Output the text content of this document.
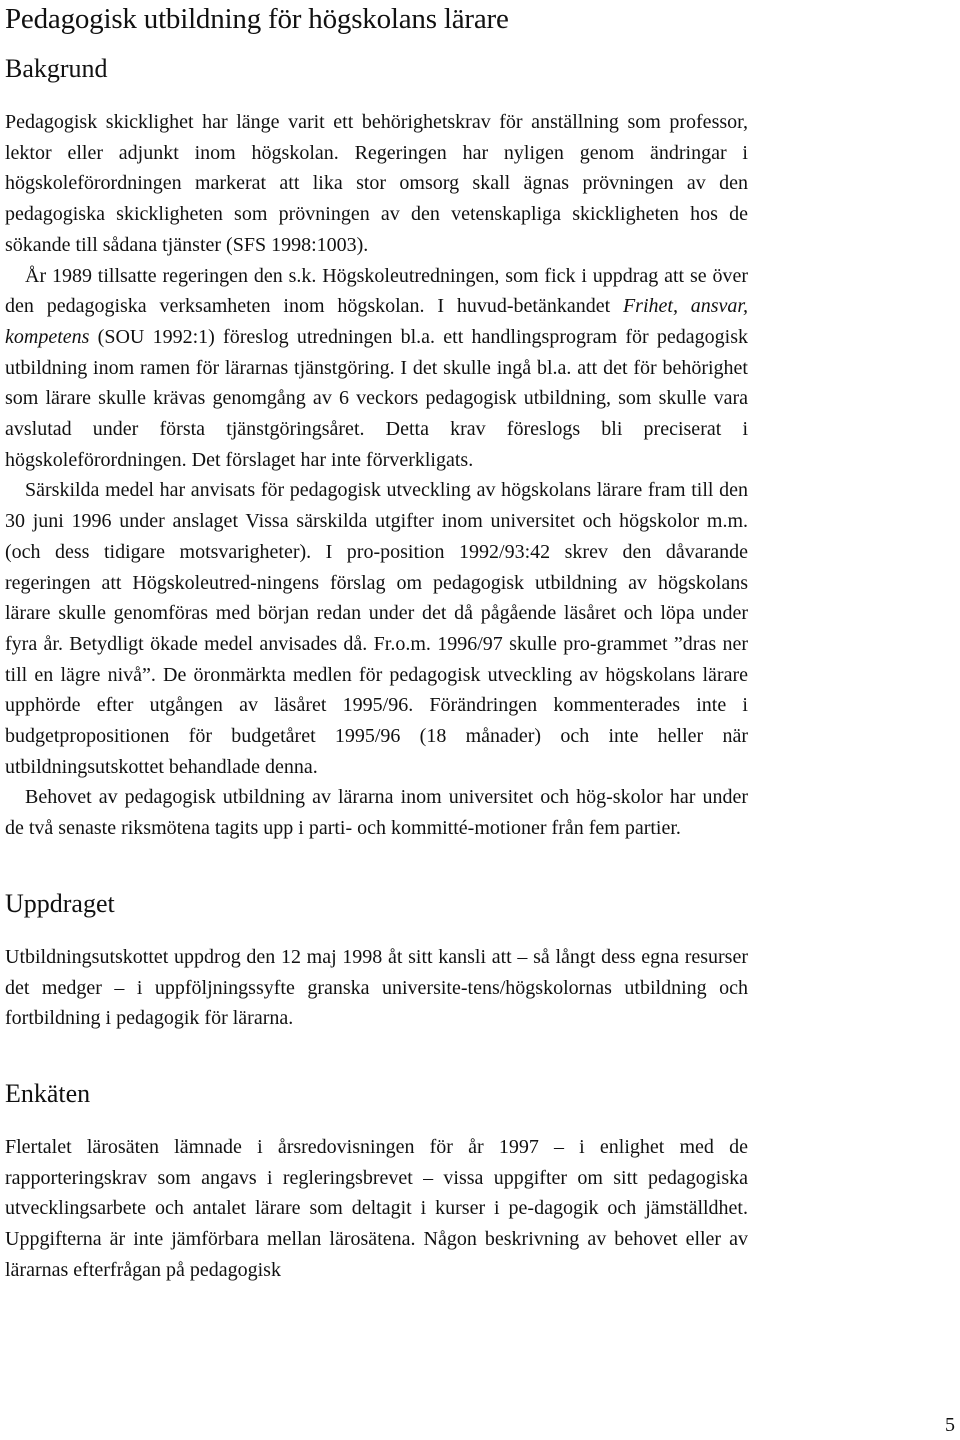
Pedagogisk utbildning för högskolans lärare
Bakgrund

Pedagogisk skicklighet har länge varit ett behörighetskrav för anställning som professor, lektor eller adjunkt inom högskolan. Regeringen har nyligen genom ändringar i högskoleförordningen markerat att lika stor omsorg skall ägnas prövningen av den pedagogiska skickligheten som prövningen av den vetenskapliga skickligheten hos de sökande till sådana tjänster (SFS 1998:1003).

År 1989 tillsatte regeringen den s.k. Högskoleutredningen, som fick i uppdrag att se över den pedagogiska verksamheten inom högskolan. I huvud-betänkandet Frihet, ansvar, kompetens (SOU 1992:1) föreslog utredningen bl.a. ett handlingsprogram för pedagogisk utbildning inom ramen för lärarnas tjänstgöring. I det skulle ingå bl.a. att det för behörighet som lärare skulle krävas genomgång av 6 veckors pedagogisk utbildning, som skulle vara avslutad under första tjänstgöringsåret. Detta krav föreslogs bli preciserat i högskoleförordningen. Det förslaget har inte förverkligats.

Särskilda medel har anvisats för pedagogisk utveckling av högskolans lärare fram till den 30 juni 1996 under anslaget Vissa särskilda utgifter inom universitet och högskolor m.m. (och dess tidigare motsvarigheter). I pro-position 1992/93:42 skrev den dåvarande regeringen att Högskoleutred-ningens förslag om pedagogisk utbildning av högskolans lärare skulle genomföras med början redan under det då pågående läsåret och löpa under fyra år. Betydligt ökade medel anvisades då. Fr.o.m. 1996/97 skulle pro-grammet ”dras ner till en lägre nivå”. De öronmärkta medlen för pedagogisk utveckling av högskolans lärare upphörde efter utgången av läsåret 1995/96. Förändringen kommenterades inte i budgetpropositionen för budgetåret 1995/96 (18 månader) och inte heller när utbildningsutskottet behandlade denna.

Behovet av pedagogisk utbildning av lärarna inom universitet och hög-skolor har under de två senaste riksmötena tagits upp i parti- och kommitté-motioner från fem partier.

Uppdraget

Utbildningsutskottet uppdrog den 12 maj 1998 åt sitt kansli att – så långt dess egna resurser det medger – i uppföljningssyfte granska universite-tens/högskolornas utbildning och fortbildning i pedagogik för lärarna.

Enkäten

Flertalet lärosäten lämnade i årsredovisningen för år 1997 – i enlighet med de rapporteringskrav som angavs i regleringsbrevet – vissa uppgifter om sitt pedagogiska utvecklingsarbete och antalet lärare som deltagit i kurser i pe-dagogik och jämställdhet. Uppgifterna är inte jämförbara mellan lärosätena. Någon beskrivning av behovet eller av lärarnas efterfrågan på pedagogisk

5
